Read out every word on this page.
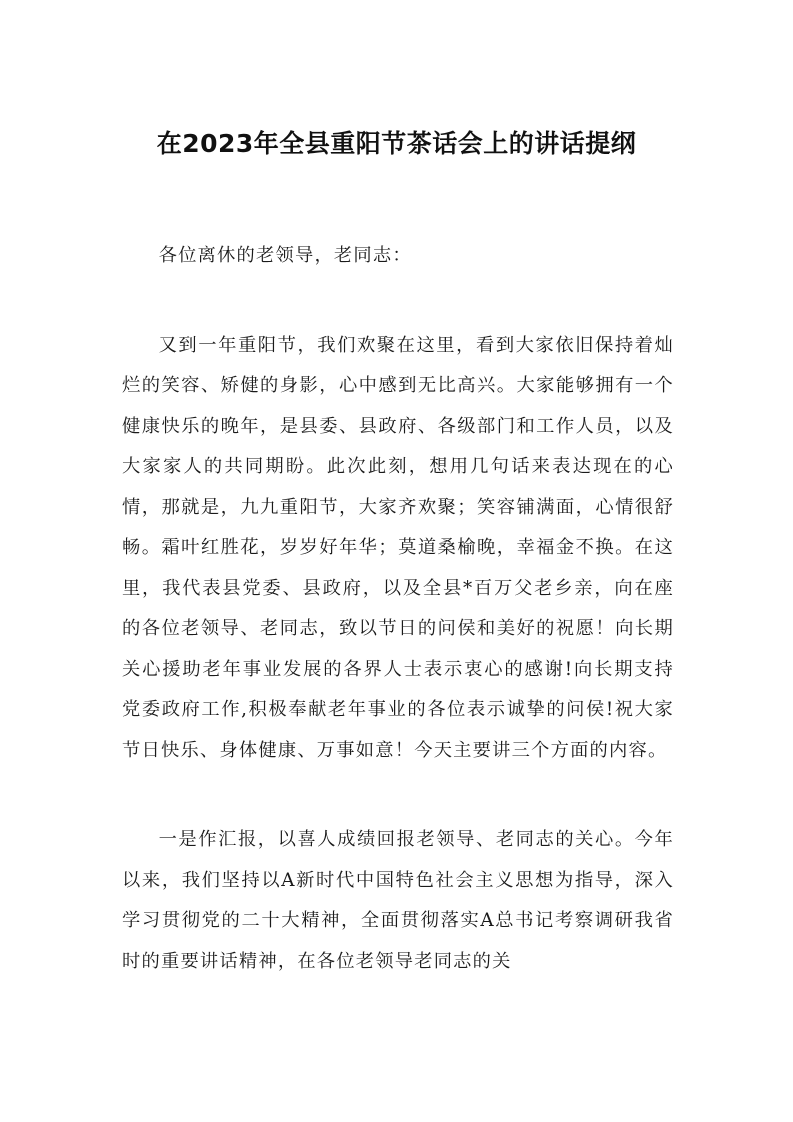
在2023年全县重阳节茶话会上的讲话提纲

各位离休的老领导，老同志：

又到一年重阳节，我们欢聚在这里，看到大家依旧保持着灿烂的笑容、矫健的身影，心中感到无比高兴。大家能够拥有一个健康快乐的晚年，是县委、县政府、各级部门和工作人员，以及大家家人的共同期盼。此次此刻，想用几句话来表达现在的心情，那就是，九九重阳节，大家齐欢聚；笑容铺满面，心情很舒畅。霜叶红胜花，岁岁好年华；莫道桑榆晚，幸福金不换。在这里，我代表县党委、县政府，以及全县*百万父老乡亲，向在座的各位老领导、老同志，致以节日的问侯和美好的祝愿！向长期关心援助老年事业发展的各界人士表示衷心的感谢!向长期支持党委政府工作,积极奉献老年事业的各位表示诚挚的问侯!祝大家节日快乐、身体健康、万事如意！今天主要讲三个方面的内容。

一是作汇报，以喜人成绩回报老领导、老同志的关心。今年以来，我们坚持以A新时代中国特色社会主义思想为指导，深入学习贯彻党的二十大精神，全面贯彻落实A总书记考察调研我省时的重要讲话精神，在各位老领导老同志的关
